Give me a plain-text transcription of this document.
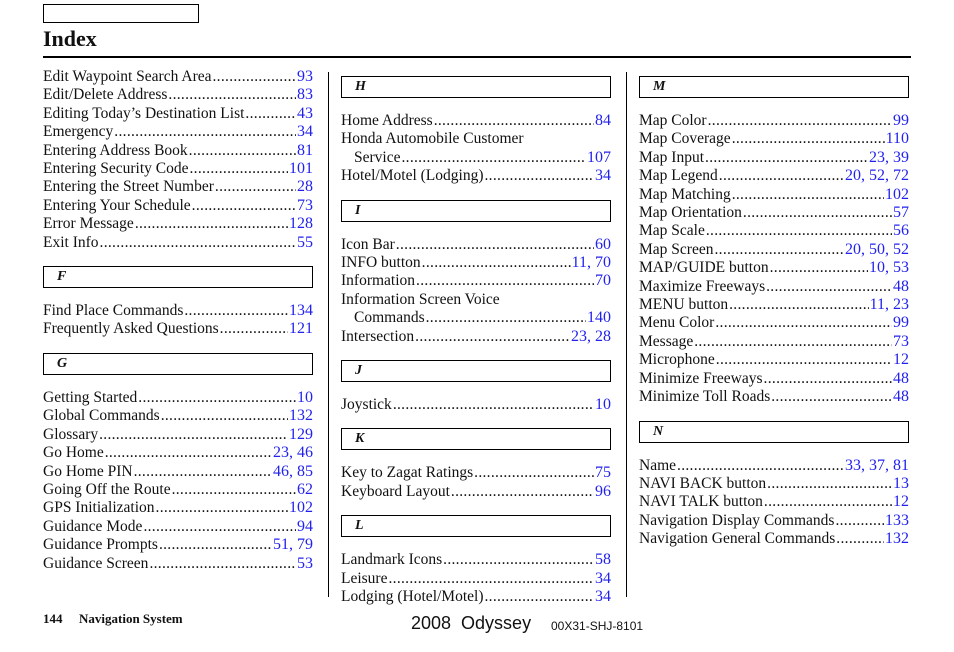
Index
Edit Waypoint Search Area .....	93
Edit/Delete Address .....	83
Editing Today’s Destination List .....	43
Emergency .....	34
Entering Address Book .....	81
Entering Security Code .....	101
Entering the Street Number .....	28
Entering Your Schedule .....	73
Error Message .....	128
Exit Info .....	55
F
Find Place Commands .....	134
Frequently Asked Questions .....	121
G
Getting Started .....	10
Global Commands .....	132
Glossary .....	129
Go Home .....	23, 46
Go Home PIN .....	46, 85
Going Off the Route .....	62
GPS Initialization .....	102
Guidance Mode .....	94
Guidance Prompts .....	51, 79
Guidance Screen .....	53
H
Home Address .....	84
Honda Automobile Customer
Service .....	107
Hotel/Motel (Lodging) .....	34
I
Icon Bar .....	60
INFO button .....	11, 70
Information .....	70
Information Screen Voice
Commands .....	140
Intersection .....	23, 28
J
Joystick .....	10
K
Key to Zagat Ratings .....	75
Keyboard Layout .....	96
L
Landmark Icons .....	58
Leisure .....	34
Lodging (Hotel/Motel) .....	34
M
Map Color .....	99
Map Coverage .....	110
Map Input .....	23, 39
Map Legend .....	20, 52, 72
Map Matching .....	102
Map Orientation .....	57
Map Scale .....	56
Map Screen .....	20, 50, 52
MAP/GUIDE button .....	10, 53
Maximize Freeways .....	48
MENU button .....	11, 23
Menu Color .....	99
Message .....	73
Microphone .....	12
Minimize Freeways .....	48
Minimize Toll Roads .....	48
N
Name .....	33, 37, 81
NAVI BACK button .....	13
NAVI TALK button .....	12
Navigation Display Commands .....	133
Navigation General Commands .....	132
144 Navigation System	2008  Odyssey 00X31-SHJ-8101
